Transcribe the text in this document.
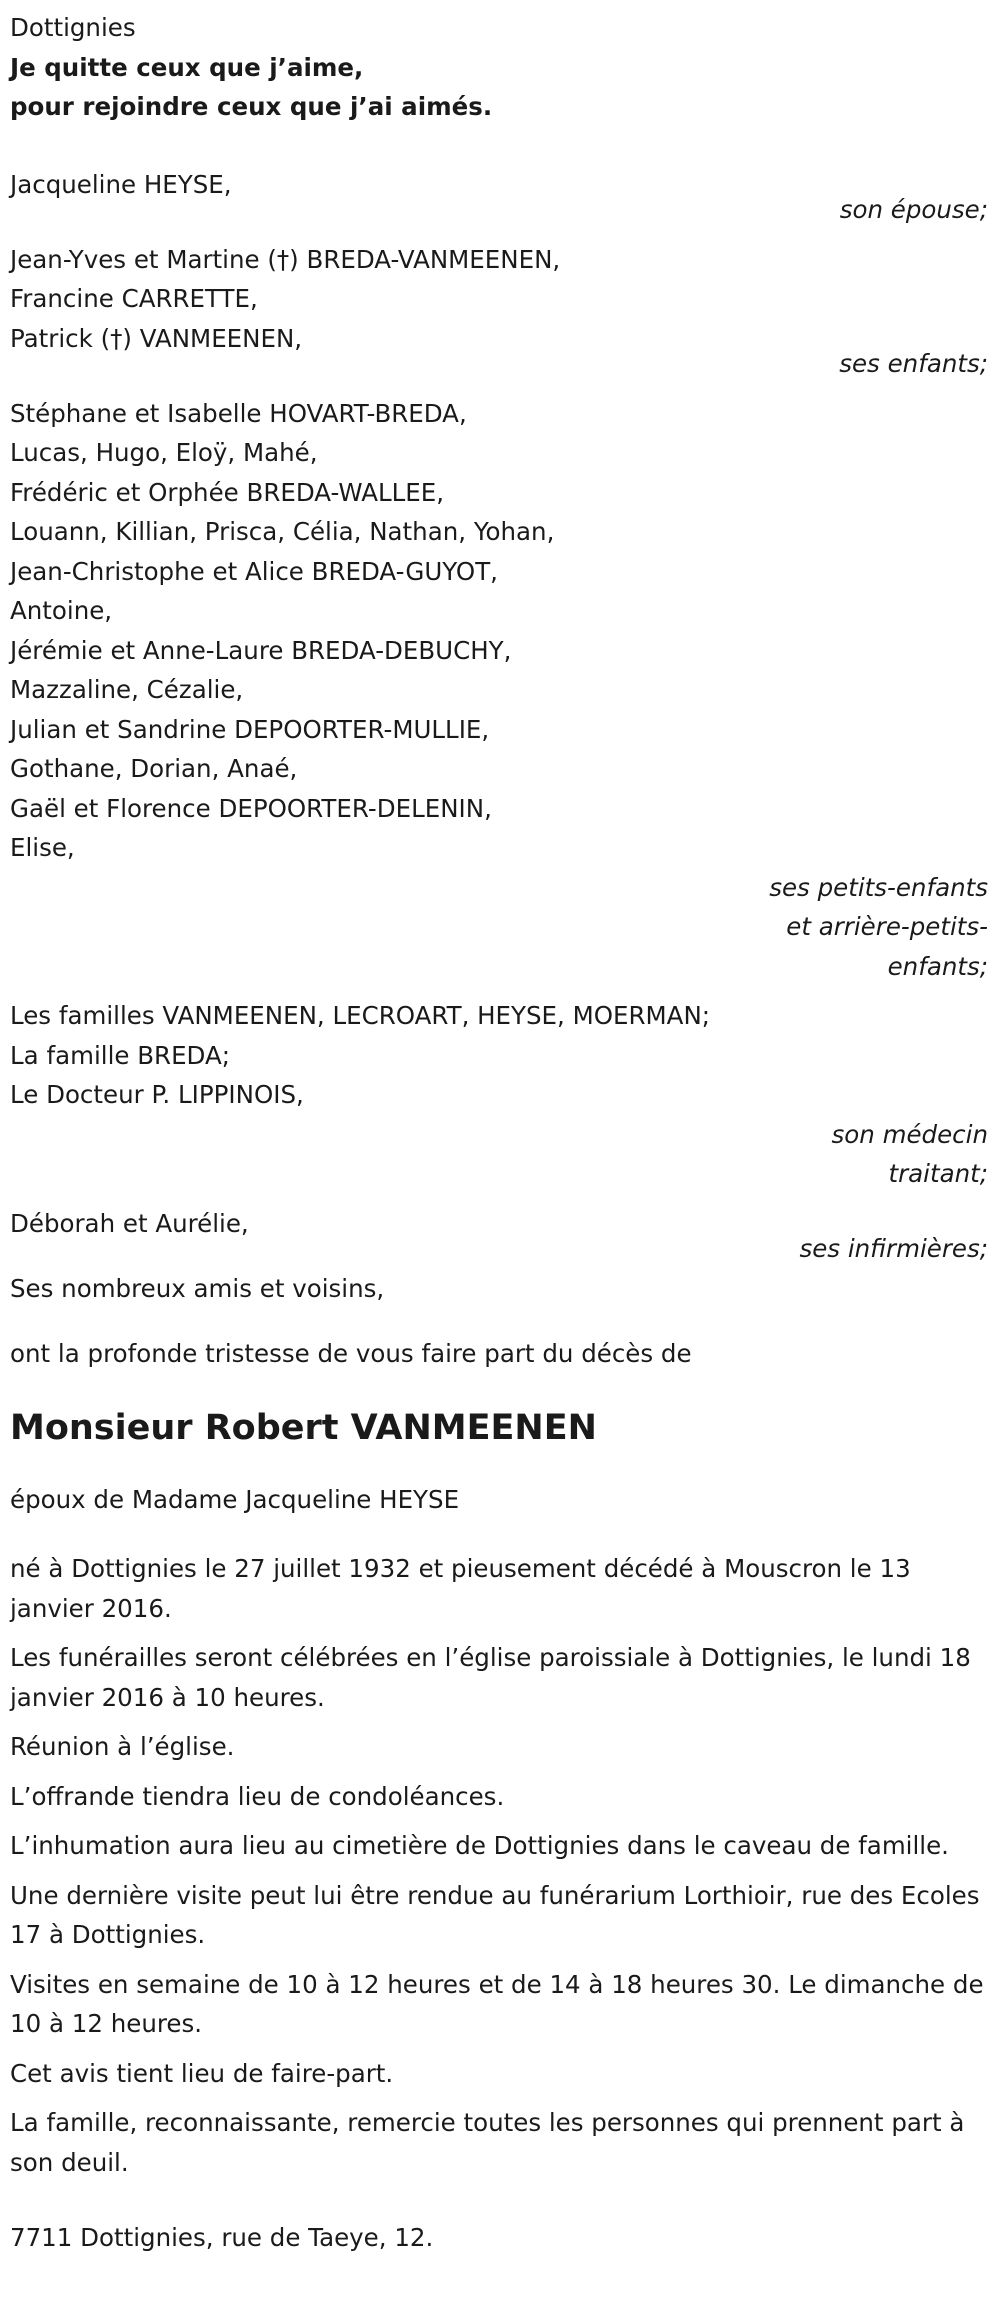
Dottignies
Je quitte ceux que j’aime,
pour rejoindre ceux que j’ai aimés.
Jacqueline HEYSE,
son épouse;
Jean-Yves et Martine (†) BREDA-VANMEENEN,
Francine CARRETTE,
Patrick (†) VANMEENEN,
ses enfants;
Stéphane et Isabelle HOVART-BREDA,
Lucas, Hugo, Eloÿ, Mahé,
Frédéric et Orphée BREDA-WALLEE,
Louann, Killian, Prisca, Célia, Nathan, Yohan,
Jean-Christophe et Alice BREDA-GUYOT,
Antoine,
Jérémie et Anne-Laure BREDA-DEBUCHY,
Mazzaline, Cézalie,
Julian et Sandrine DEPOORTER-MULLIE,
Gothane, Dorian, Anaé,
Gaël et Florence DEPOORTER-DELENIN,
Elise,
ses petits-enfants
et arrière-petits-
enfants;
Les familles VANMEENEN, LECROART, HEYSE, MOERMAN;
La famille BREDA;
Le Docteur P. LIPPINOIS,
son médecin
traitant;
Déborah et Aurélie,
ses infirmières;
Ses nombreux amis et voisins,
ont la profonde tristesse de vous faire part du décès de
Monsieur Robert VANMEENEN
époux de Madame Jacqueline HEYSE
né à Dottignies le 27 juillet 1932 et pieusement décédé à Mouscron le 13 janvier 2016.
Les funérailles seront célébrées en l’église paroissiale à Dottignies, le lundi 18 janvier 2016 à 10 heures.
Réunion à l’église.
L’offrande tiendra lieu de condoléances.
L’inhumation aura lieu au cimetière de Dottignies dans le caveau de famille.
Une dernière visite peut lui être rendue au funérarium Lorthioir, rue des Ecoles 17 à Dottignies.
Visites en semaine de 10 à 12 heures et de 14 à 18 heures 30. Le dimanche de 10 à 12 heures.
Cet avis tient lieu de faire-part.
La famille, reconnaissante, remercie toutes les personnes qui prennent part à son deuil.
7711 Dottignies, rue de Taeye, 12.
